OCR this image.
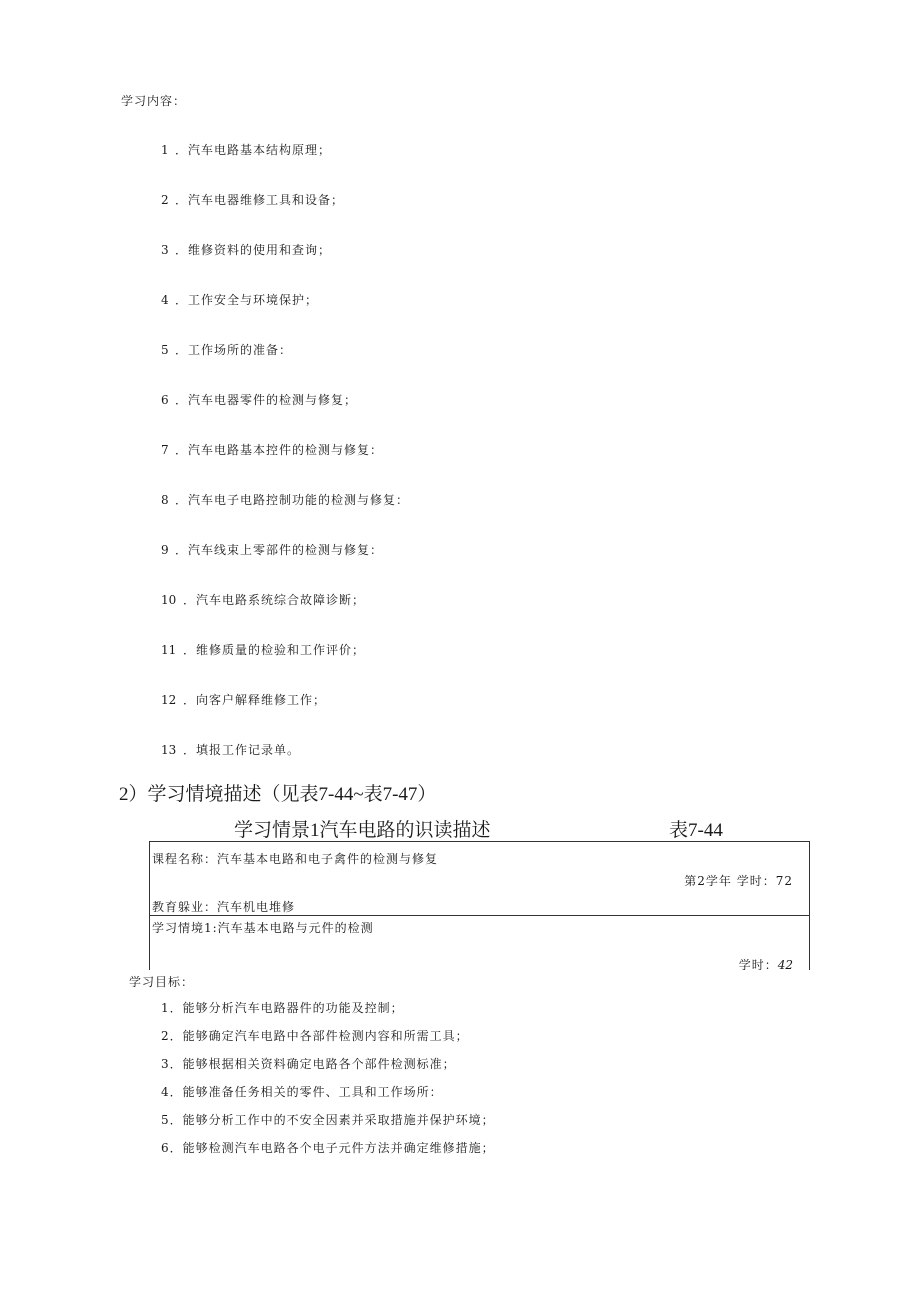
学习内容：
1 ．汽车电路基本结构原理；
2 ．汽车电器维修工具和设备；
3 ．维修资料的使用和查询；
4 ．工作安全与环境保护；
5 ．工作场所的准备：
6 ．汽车电器零件的检测与修复；
7 ．汽车电路基本控件的检测与修复：
8 ．汽车电子电路控制功能的检测与修复：
9 ．汽车线束上零部件的检测与修复：
10 ．汽车电路系统综合故障诊断；
11 ．维修质量的检验和工作评价；
12 ．向客户解释维修工作；
13 ．填报工作记录单。
2）学习情境描述（见表7-44~表7-47）
学习情景1汽车电路的识读描述	表7-44
课程名称：汽车基本电路和电子禽件的检测与修复
第2学年 学时：72
教育躲业：汽车机电堆修
学习情境1:汽车基本电路与元件的检测
学时：42
学习目标：
1．能够分析汽车电路器件的功能及控制；
2．能够确定汽车电路中各部件检测内容和所需工具；
3．能够根据相关资料确定电路各个部件检测标准；
4．能够准备任务相关的零件、工具和工作场所：
5．能够分析工作中的不安全因素并采取措施并保护环境；
6．能够检测汽车电路各个电子元件方法并确定维修措施；
